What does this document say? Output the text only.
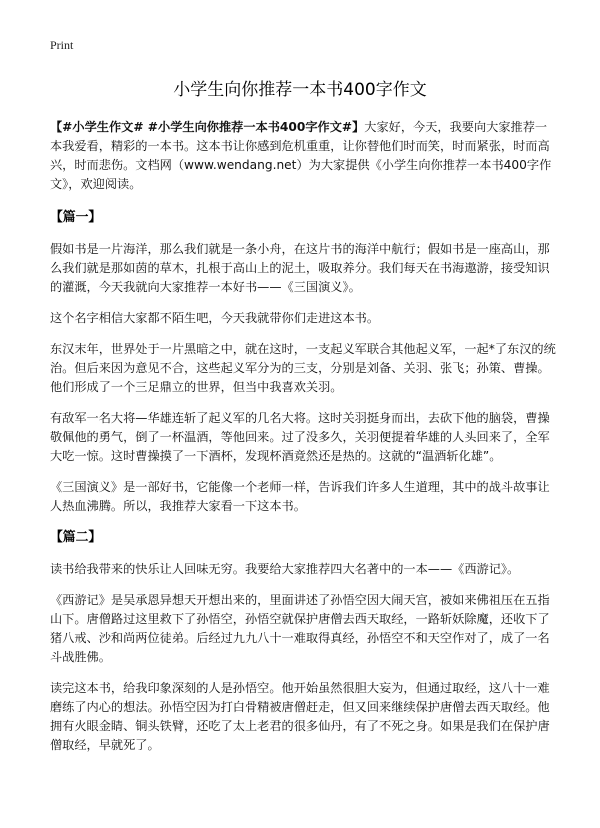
Print
小学生向你推荐一本书400字作文

【#小学生作文# #小学生向你推荐一本书400字作文#】大家好，今天，我要向大家推荐一本我爱看，精彩的一本书。这本书让你感到危机重重，让你替他们时而笑，时而紧张，时而高兴，时而悲伤。文档网（www.wendang.net）为大家提供《小学生向你推荐一本书400字作文》，欢迎阅读。

【篇一】

假如书是一片海洋，那么我们就是一条小舟，在这片书的海洋中航行；假如书是一座高山，那么我们就是那如茵的草木，扎根于高山上的泥土，吸取养分。我们每天在书海遨游，接受知识的灌溉，今天我就向大家推荐一本好书——《三国演义》。

这个名字相信大家都不陌生吧，今天我就带你们走进这本书。

东汉末年，世界处于一片黑暗之中，就在这时，一支起义军联合其他起义军，一起*了东汉的统治。但后来因为意见不合，这些起义军分为的三支，分别是刘备、关羽、张飞；孙策、曹操。他们形成了一个三足鼎立的世界，但当中我喜欢关羽。

有敌军一名大将—华雄连斩了起义军的几名大将。这时关羽挺身而出，去砍下他的脑袋，曹操敬佩他的勇气，倒了一杯温酒，等他回来。过了没多久，关羽便提着华雄的人头回来了，全军大吃一惊。这时曹操摸了一下酒杯，发现杯酒竟然还是热的。这就的“温酒斩化雄”。

《三国演义》是一部好书，它能像一个老师一样，告诉我们许多人生道理，其中的战斗故事让人热血沸腾。所以，我推荐大家看一下这本书。

【篇二】

读书给我带来的快乐让人回味无穷。我要给大家推荐四大名著中的一本——《西游记》。

《西游记》是吴承恩异想天开想出来的，里面讲述了孙悟空因大闹天宫，被如来佛祖压在五指山下。唐僧路过这里救下了孙悟空，孙悟空就保护唐僧去西天取经，一路斩妖除魔，还收下了猪八戒、沙和尚两位徒弟。后经过九九八十一难取得真经，孙悟空不和天空作对了，成了一名斗战胜佛。

读完这本书，给我印象深刻的人是孙悟空。他开始虽然很胆大妄为，但通过取经，这八十一难磨练了内心的想法。孙悟空因为打白骨精被唐僧赶走，但又回来继续保护唐僧去西天取经。他拥有火眼金睛、铜头铁臂，还吃了太上老君的很多仙丹，有了不死之身。如果是我们在保护唐僧取经，早就死了。
